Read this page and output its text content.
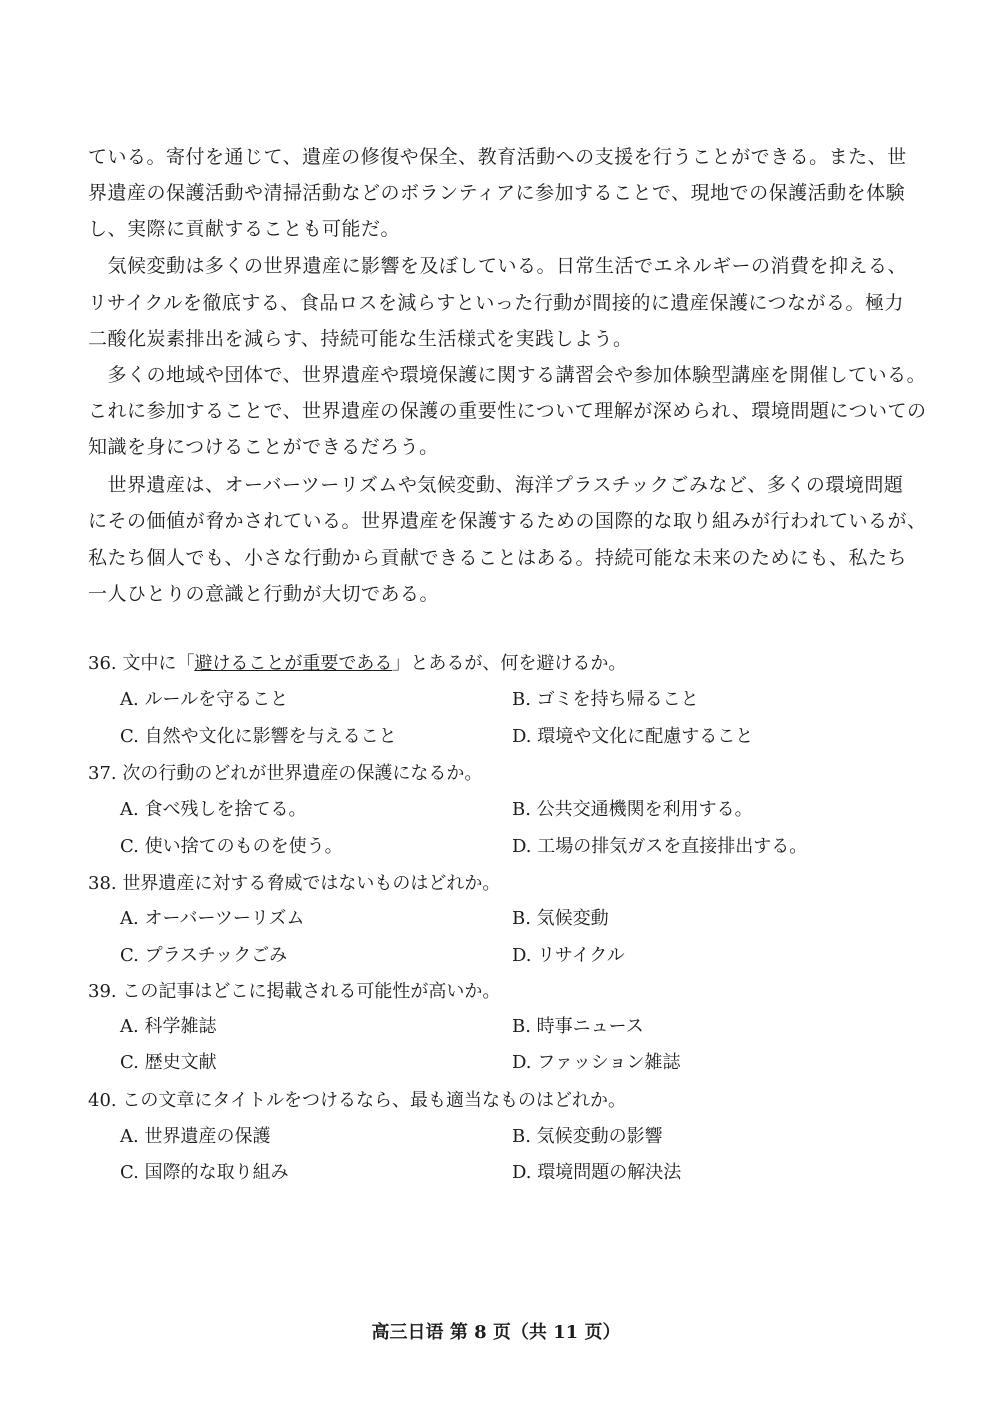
ている。寄付を通じて、遺産の修復や保全、教育活動への支援を行うことができる。また、世
界遺産の保護活動や清掃活動などのボランティアに参加することで、現地での保護活動を体験
し、実際に貢献することも可能だ。
　気候変動は多くの世界遺産に影響を及ぼしている。日常生活でエネルギーの消費を抑える、
リサイクルを徹底する、食品ロスを減らすといった行動が間接的に遺産保護につながる。極力
二酸化炭素排出を減らす、持続可能な生活様式を実践しよう。
　多くの地域や団体で、世界遺産や環境保護に関する講習会や参加体験型講座を開催している。
これに参加することで、世界遺産の保護の重要性について理解が深められ、環境問題についての
知識を身につけることができるだろう。
　世界遺産は、オーバーツーリズムや気候変動、海洋プラスチックごみなど、多くの環境問題
にその価値が脅かされている。世界遺産を保護するための国際的な取り組みが行われているが、
私たち個人でも、小さな行動から貢献できることはある。持続可能な未来のためにも、私たち
一人ひとりの意識と行動が大切である。
36. 文中に「避けることが重要である」とあるが、何を避けるか。
A. ルールを守ること	B. ゴミを持ち帰ること
C. 自然や文化に影響を与えること	D. 環境や文化に配慮すること
37. 次の行動のどれが世界遺産の保護になるか。
A. 食べ残しを捨てる。	B. 公共交通機関を利用する。
C. 使い捨てのものを使う。	D. 工場の排気ガスを直接排出する。
38. 世界遺産に対する脅威ではないものはどれか。
A. オーバーツーリズム	B. 気候変動
C. プラスチックごみ	D. リサイクル
39. この記事はどこに掲載される可能性が高いか。
A. 科学雑誌	B. 時事ニュース
C. 歴史文献	D. ファッション雑誌
40. この文章にタイトルをつけるなら、最も適当なものはどれか。
A. 世界遺産の保護	B. 気候変動の影響
C. 国際的な取り組み	D. 環境問題の解決法
高三日语 第 8 页（共 11 页）
